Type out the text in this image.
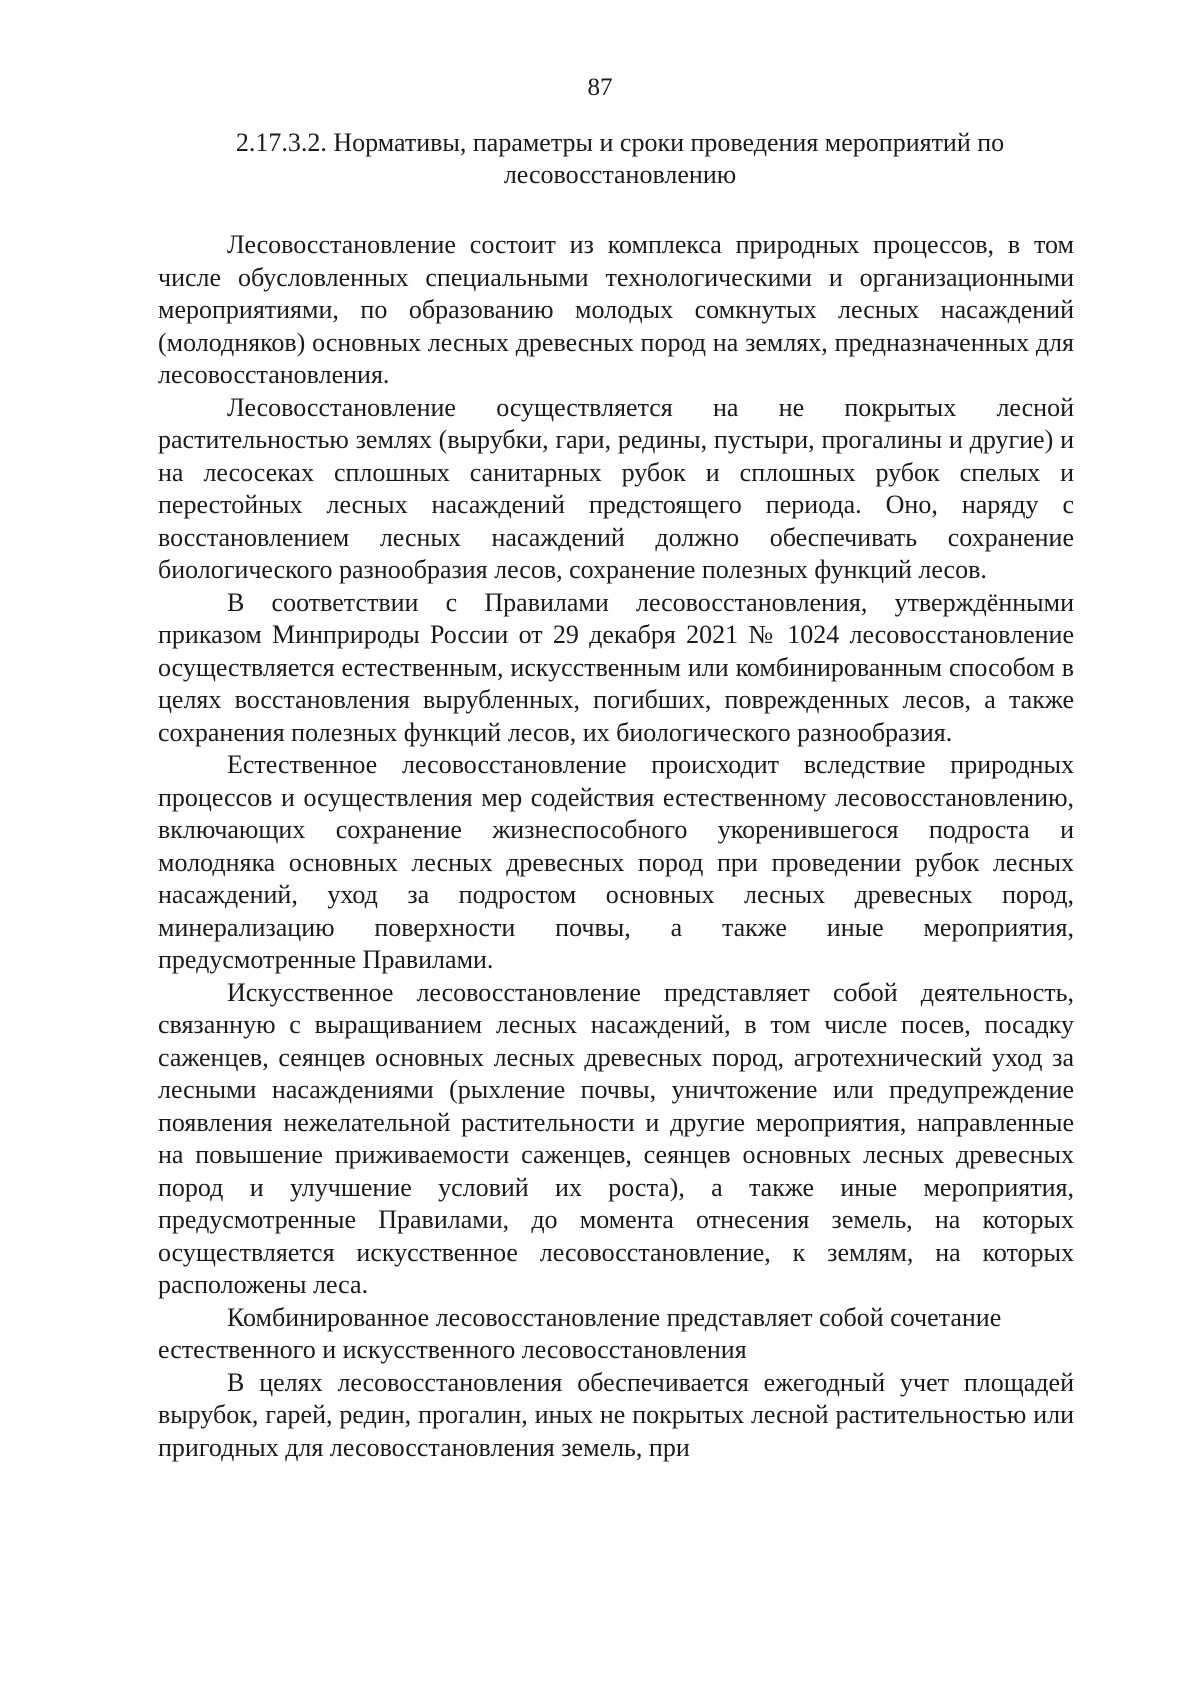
87
2.17.3.2. Нормативы, параметры и сроки проведения мероприятий по лесовосстановлению

Лесовосстановление состоит из комплекса природных процессов, в том числе обусловленных специальными технологическими и организационными мероприятиями, по образованию молодых сомкнутых лесных насаждений (молодняков) основных лесных древесных пород на землях, предназначенных для лесовосстановления.

Лесовосстановление осуществляется на не покрытых лесной растительностью землях (вырубки, гари, редины, пустыри, прогалины и другие) и на лесосеках сплошных санитарных рубок и сплошных рубок спелых и перестойных лесных насаждений предстоящего периода. Оно, наряду с восстановлением лесных насаждений должно обеспечивать сохранение биологического разнообразия лесов, сохранение полезных функций лесов.

В соответствии с Правилами лесовосстановления, утверждёнными приказом Минприроды России от 29 декабря 2021 № 1024 лесовосстановление осуществляется естественным, искусственным или комбинированным способом в целях восстановления вырубленных, погибших, поврежденных лесов, а также сохранения полезных функций лесов, их биологического разнообразия.

Естественное лесовосстановление происходит вследствие природных процессов и осуществления мер содействия естественному лесовосстановлению, включающих сохранение жизнеспособного укоренившегося подроста и молодняка основных лесных древесных пород при проведении рубок лесных насаждений, уход за подростом основных лесных древесных пород, минерализацию поверхности почвы, а также иные мероприятия, предусмотренные Правилами.

Искусственное лесовосстановление представляет собой деятельность, связанную с выращиванием лесных насаждений, в том числе посев, посадку саженцев, сеянцев основных лесных древесных пород, агротехнический уход за лесными насаждениями (рыхление почвы, уничтожение или предупреждение появления нежелательной растительности и другие мероприятия, направленные на повышение приживаемости саженцев, сеянцев основных лесных древесных пород и улучшение условий их роста), а также иные мероприятия, предусмотренные Правилами, до момента отнесения земель, на которых осуществляется искусственное лесовосстановление, к землям, на которых расположены леса.

Комбинированное лесовосстановление представляет собой сочетание естественного и искусственного лесовосстановления

В целях лесовосстановления обеспечивается ежегодный учет площадей вырубок, гарей, редин, прогалин, иных не покрытых лесной растительностью или пригодных для лесовосстановления земель, при
